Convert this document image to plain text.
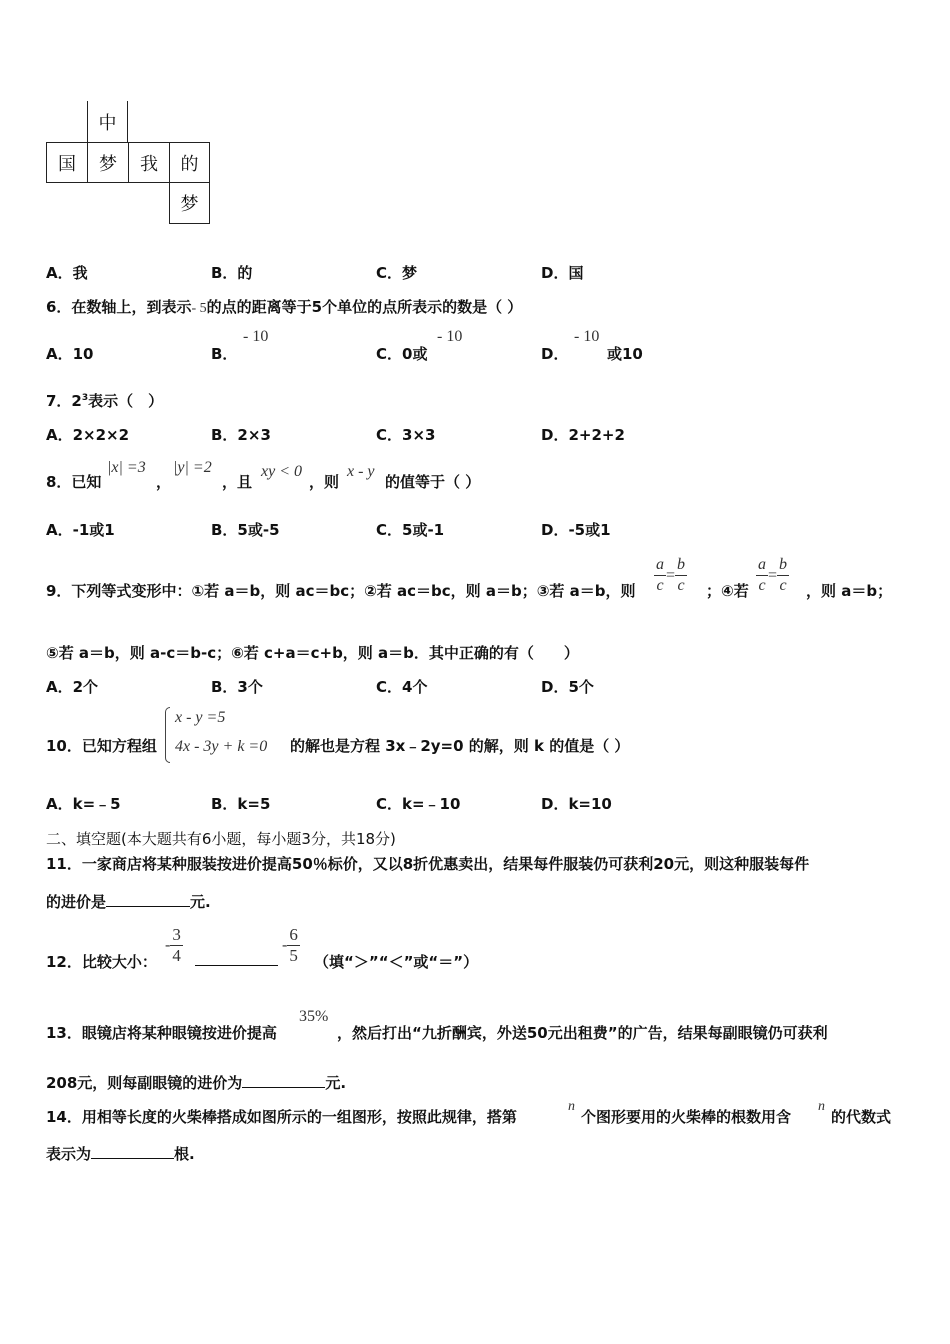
中
国	梦	我	的
梦
A．我	B．的	C．梦	D．国
6．在数轴上，到表示- 5的点的距离等于5个单位的点所表示的数是（ ）
A．10	B．
- 10
C．0或
- 10
D．
- 10
或10
7．$2^3$表示（　）
A．2×2×2	B．2×3	C．3×3	D．2+2+2
8．已知
|x| =3
，
|y| =2
，且
xy < 0
，则
x - y
的值等于（ ）
A．-1或1	B．5或-5	C．5或-1	D．-5或1
9．下列等式变形中：①若 a＝b，则 ac＝bc；②若 ac＝bc，则 a＝b；③若 a＝b，则 $\frac{a}{c} = \frac{b}{c}$ ；④若 $\frac{a}{c} = \frac{b}{c}$ ，则 a＝b；
⑤若 a＝b，则 a-c＝b-c；⑥若 c+a＝c+b，则 a＝b．其中正确的有（　　）
A．2个	B．3个	C．4个	D．5个
10．已知方程组
x - y =5
4x - 3y + k =0 的解也是方程 3x﹣2y=0 的解，则 k 的值是（ ）
A．k=﹣5	B．k=5	C．k=﹣10	D．k=10
二、填空题(本大题共有6小题，每小题3分，共18分)
11．一家商店将某种服装按进价提高50％标价，又以8折优惠卖出，结果每件服装仍可获利20元，则这种服装每件
的进价是	元.
12．比较大小：
- $\frac{3}{4}$	- $\frac{6}{5}$ （填“＞”“＜”或“＝”）
13．眼镜店将某种眼镜按进价提高
35%
，然后打出“九折酬宾，外送50元出租费”的广告，结果每副眼镜仍可获利
208元，则每副眼镜的进价为	元.
14．用相等长度的火柴棒搭成如图所示的一组图形，按照此规律，搭第
n
个图形要用的火柴棒的根数用含
n
的代数式
表示为	根.
